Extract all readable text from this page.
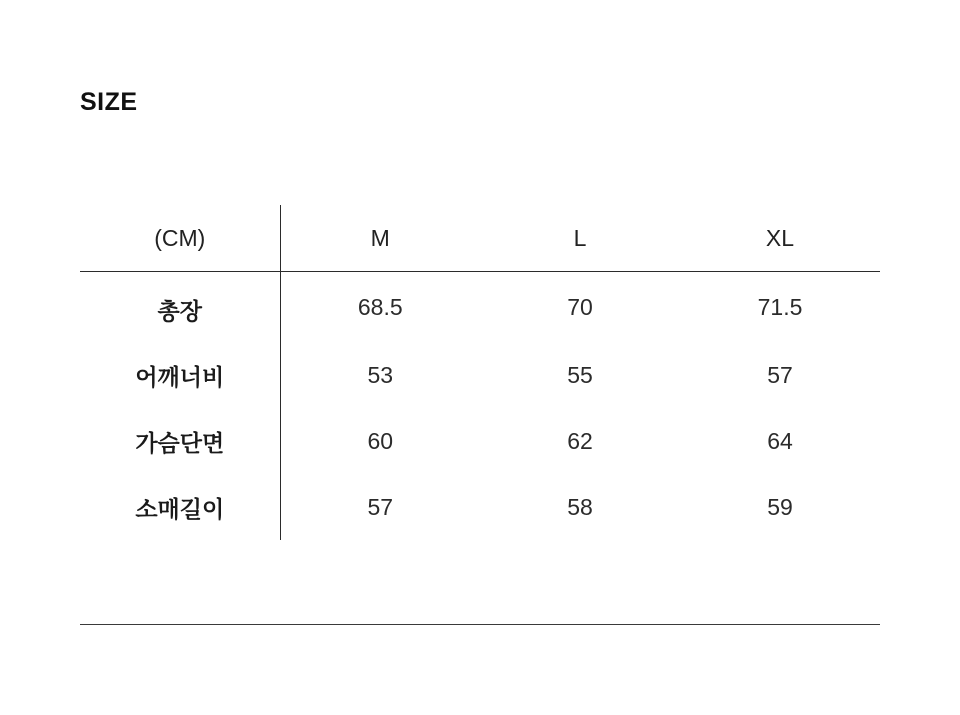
SIZE
(CM)	M	L	XL
총장	68.5	70	71.5
어깨너비	53	55	57
가슴단면	60	62	64
소매길이	57	58	59
